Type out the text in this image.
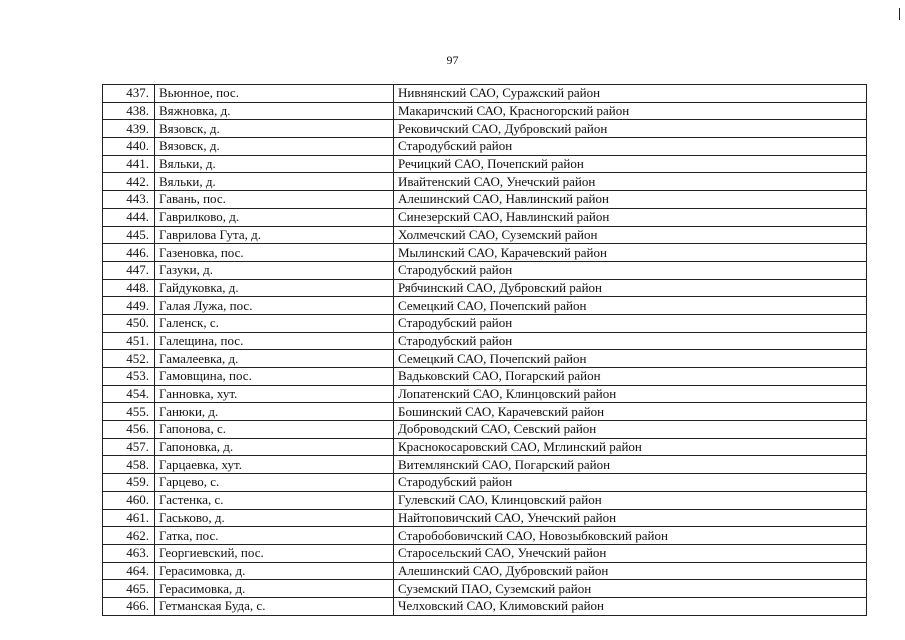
97
437.	Вьюнное, пос.	Нивнянский САО, Суражский район
438.	Вяжновка, д.	Макаричский САО, Красногорский район
439.	Вязовск, д.	Рековичский САО, Дубровский район
440.	Вязовск, д.	Стародубский район
441.	Вяльки, д.	Речицкий САО, Почепский район
442.	Вяльки, д.	Ивайтенский САО, Унечский район
443.	Гавань, пос.	Алешинский САО, Навлинский район
444.	Гаврилково, д.	Синезерский САО, Навлинский район
445.	Гаврилова Гута, д.	Холмечский САО, Суземский район
446.	Газеновка, пос.	Мылинский САО, Карачевский район
447.	Газуки, д.	Стародубский район
448.	Гайдуковка, д.	Рябчинский САО, Дубровский район
449.	Галая Лужа, пос.	Семецкий САО, Почепский район
450.	Галенск, с.	Стародубский район
451.	Галещина, пос.	Стародубский район
452.	Гамалеевка, д.	Семецкий САО, Почепский район
453.	Гамовщина, пос.	Вадьковский САО, Погарский район
454.	Ганновка, хут.	Лопатенский САО, Клинцовский район
455.	Ганюки, д.	Бошинский САО, Карачевский район
456.	Гапонова, с.	Доброводский САО, Севский район
457.	Гапоновка, д.	Краснокосаровский САО, Мглинский район
458.	Гарцаевка, хут.	Витемлянский САО, Погарский район
459.	Гарцево, с.	Стародубский район
460.	Гастенка, с.	Гулевский САО, Клинцовский район
461.	Гаськово, д.	Найтоповичский САО, Унечский район
462.	Гатка, пос.	Старобобовичский САО, Новозыбковский район
463.	Георгиевский, пос.	Старосельский САО, Унечский район
464.	Герасимовка, д.	Алешинский САО, Дубровский район
465.	Герасимовка, д.	Суземский ПАО, Суземский район
466.	Гетманская Буда, с.	Челховский САО, Климовский район
